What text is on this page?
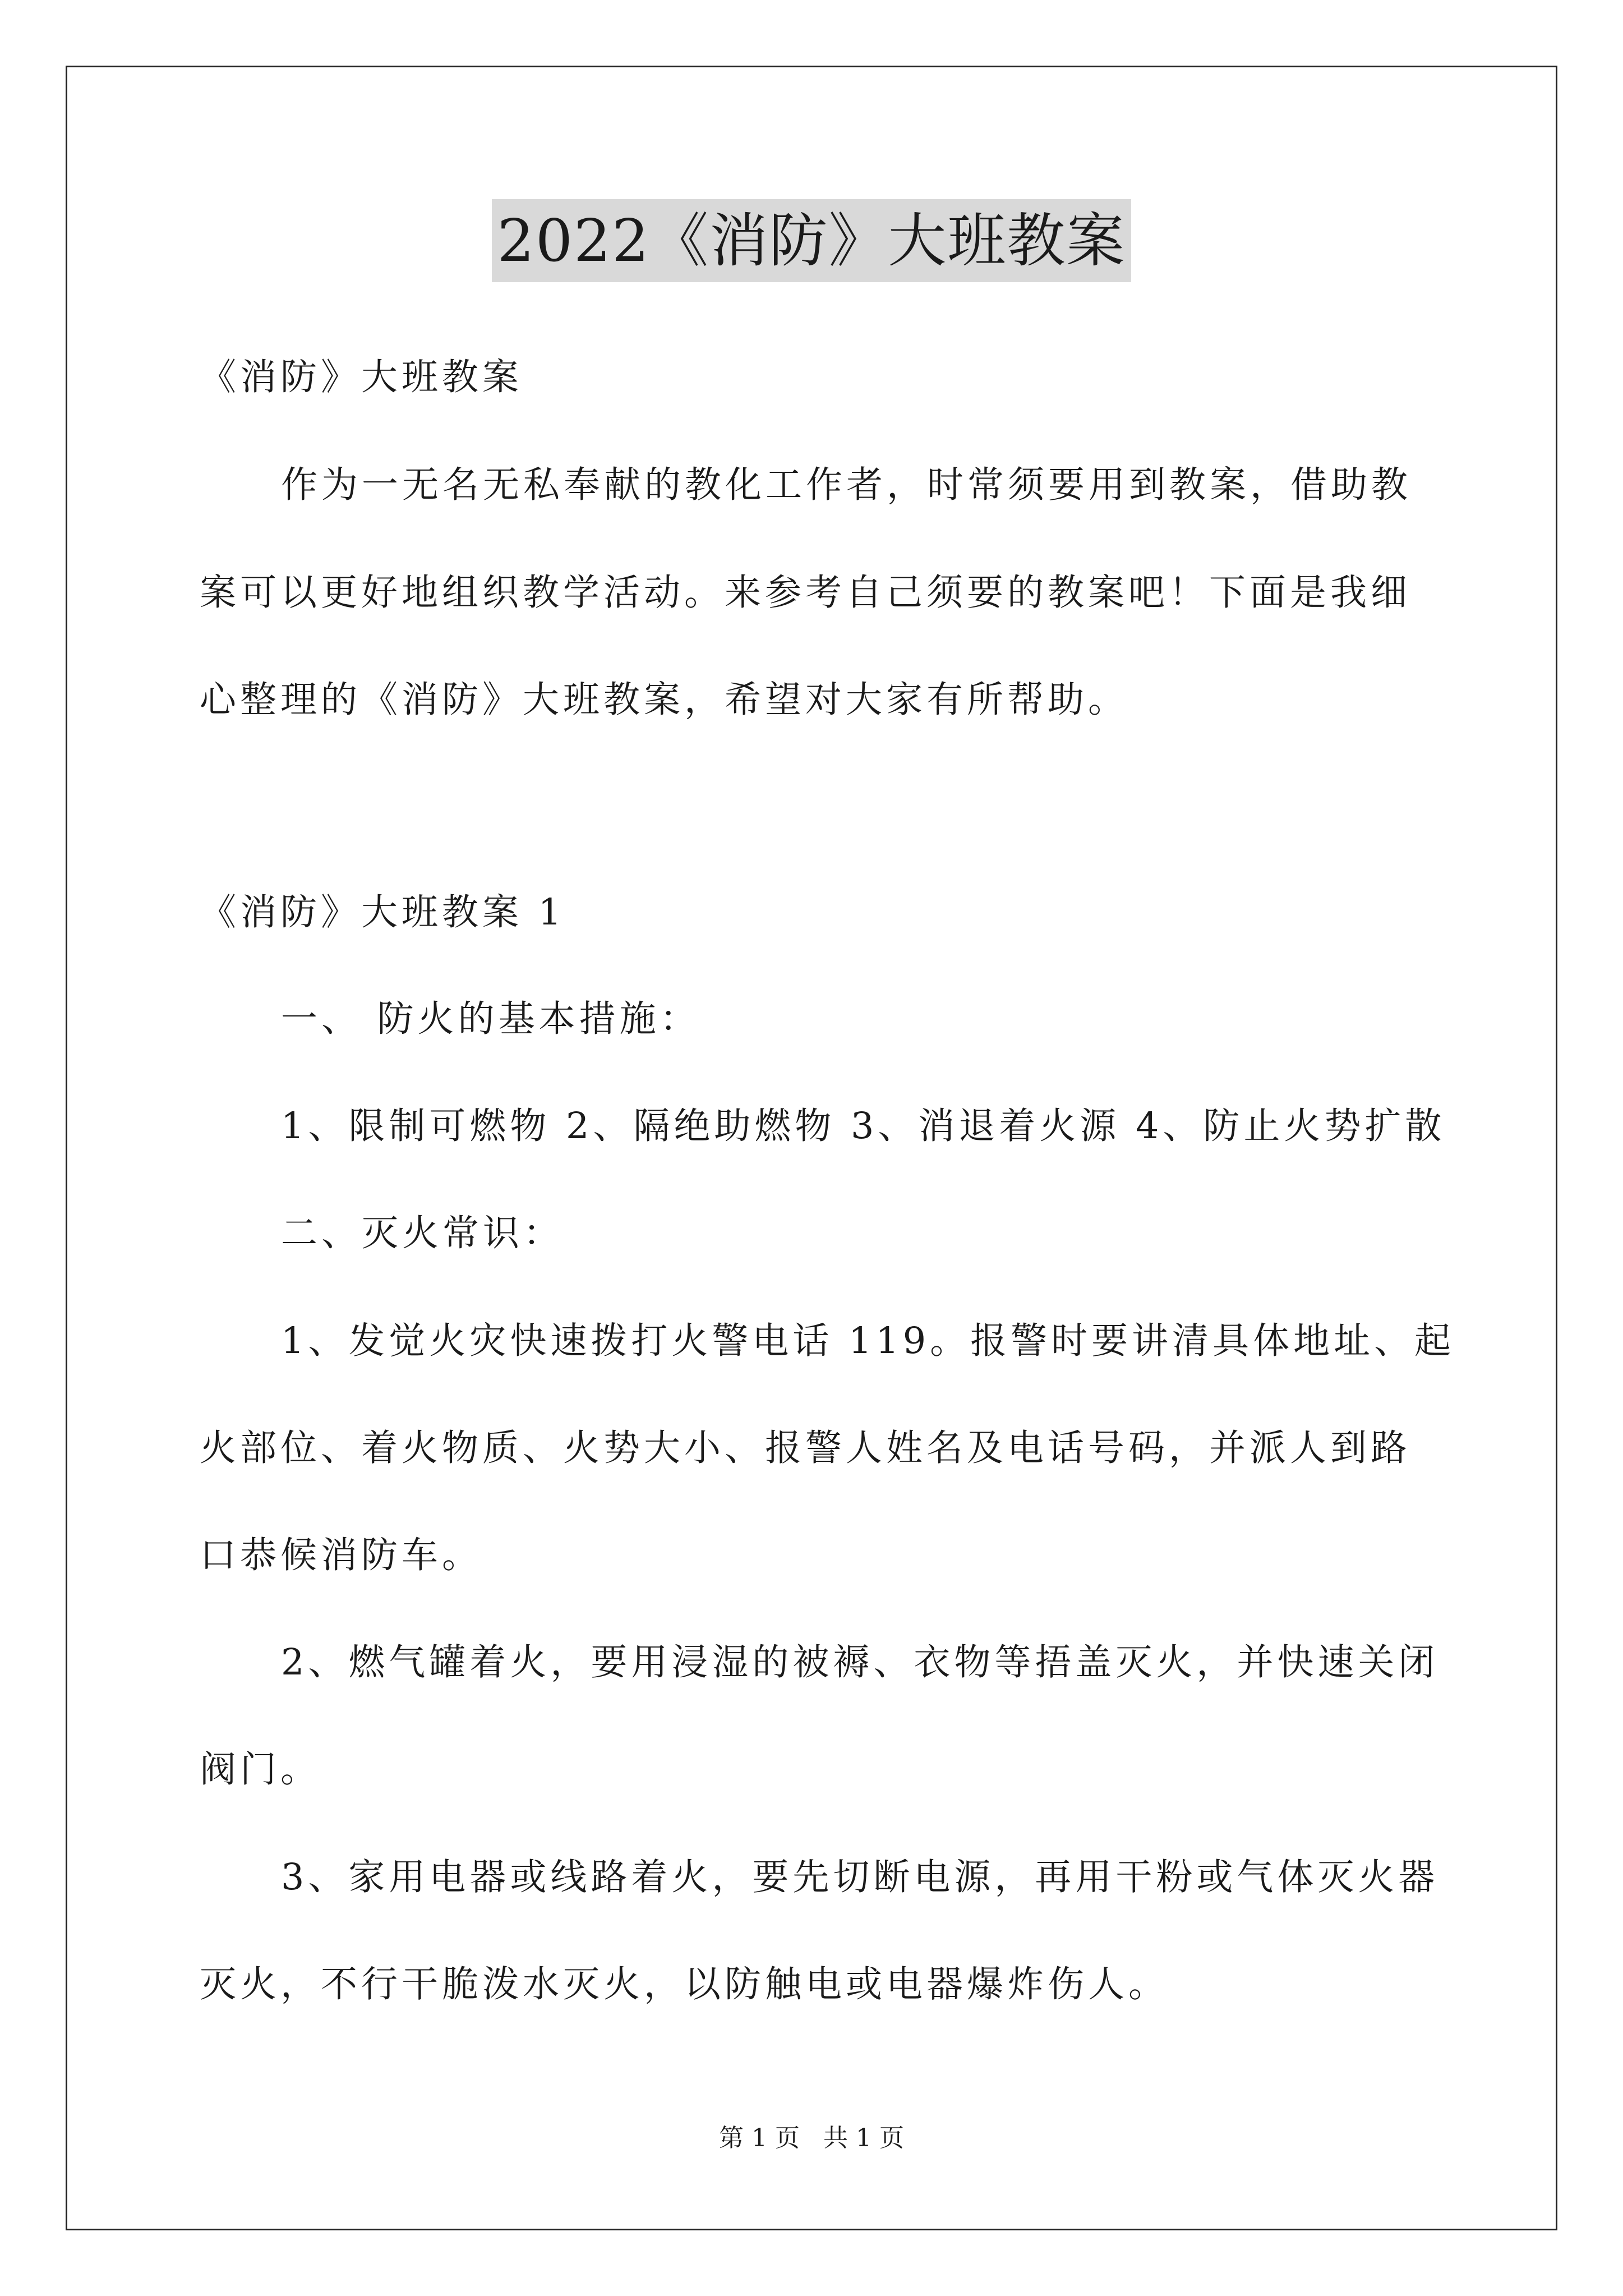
2022《消防》大班教案
《消防》大班教案
作为一无名无私奉献的教化工作者，时常须要用到教案，借助教
案可以更好地组织教学活动。来参考自己须要的教案吧！下面是我细
心整理的《消防》大班教案，希望对大家有所帮助。
《消防》大班教案 1
一、 防火的基本措施：
1、限制可燃物 2、隔绝助燃物 3、消退着火源 4、防止火势扩散
二、灭火常识：
1、发觉火灾快速拨打火警电话 119。报警时要讲清具体地址、起
火部位、着火物质、火势大小、报警人姓名及电话号码，并派人到路
口恭候消防车。
2、燃气罐着火，要用浸湿的被褥、衣物等捂盖灭火，并快速关闭
阀门。
3、家用电器或线路着火，要先切断电源，再用干粉或气体灭火器
灭火，不行干脆泼水灭火，以防触电或电器爆炸伤人。
第 1 页   共 1 页
